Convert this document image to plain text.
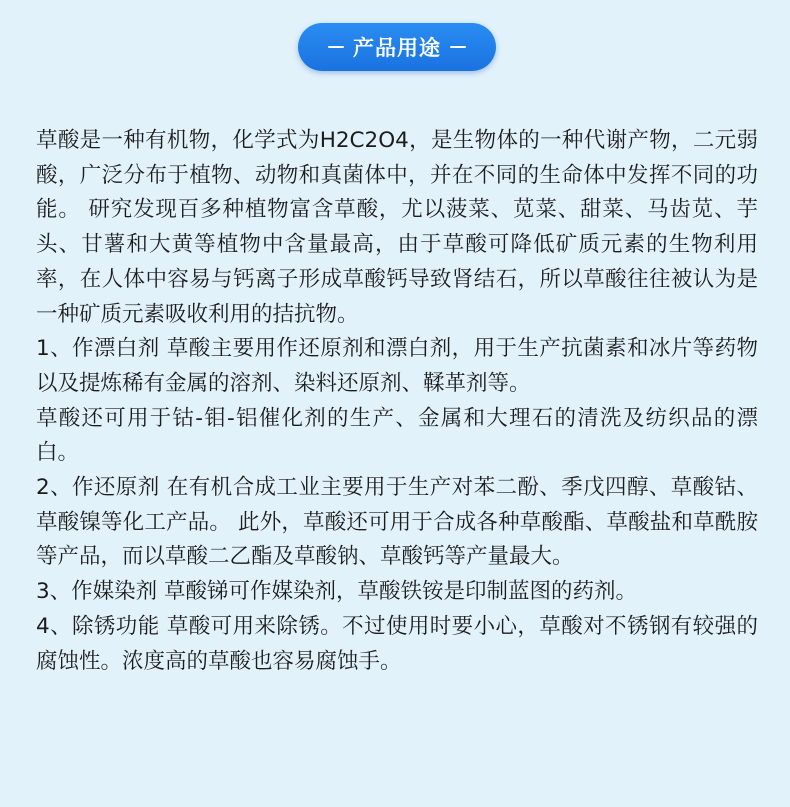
产品用途

草酸是一种有机物，化学式为H2C2O4，是生物体的一种代谢产物，二元弱酸，广泛分布于植物、动物和真菌体中，并在不同的生命体中发挥不同的功能。 研究发现百多种植物富含草酸，尤以菠菜、苋菜、甜菜、马齿苋、芋头、甘薯和大黄等植物中含量最高，由于草酸可降低矿质元素的生物利用率，在人体中容易与钙离子形成草酸钙导致肾结石，所以草酸往往被认为是一种矿质元素吸收利用的拮抗物。

1、作漂白剂 草酸主要用作还原剂和漂白剂，用于生产抗菌素和冰片等药物以及提炼稀有金属的溶剂、染料还原剂、鞣革剂等。

草酸还可用于钴-钼-铝催化剂的生产、金属和大理石的清洗及纺织品的漂白。

2、作还原剂 在有机合成工业主要用于生产对苯二酚、季戊四醇、草酸钴、草酸镍等化工产品。 此外，草酸还可用于合成各种草酸酯、草酸盐和草酰胺等产品，而以草酸二乙酯及草酸钠、草酸钙等产量最大。

3、作媒染剂 草酸锑可作媒染剂，草酸铁铵是印制蓝图的药剂。

4、除锈功能 草酸可用来除锈。不过使用时要小心，草酸对不锈钢有较强的腐蚀性。浓度高的草酸也容易腐蚀手。
